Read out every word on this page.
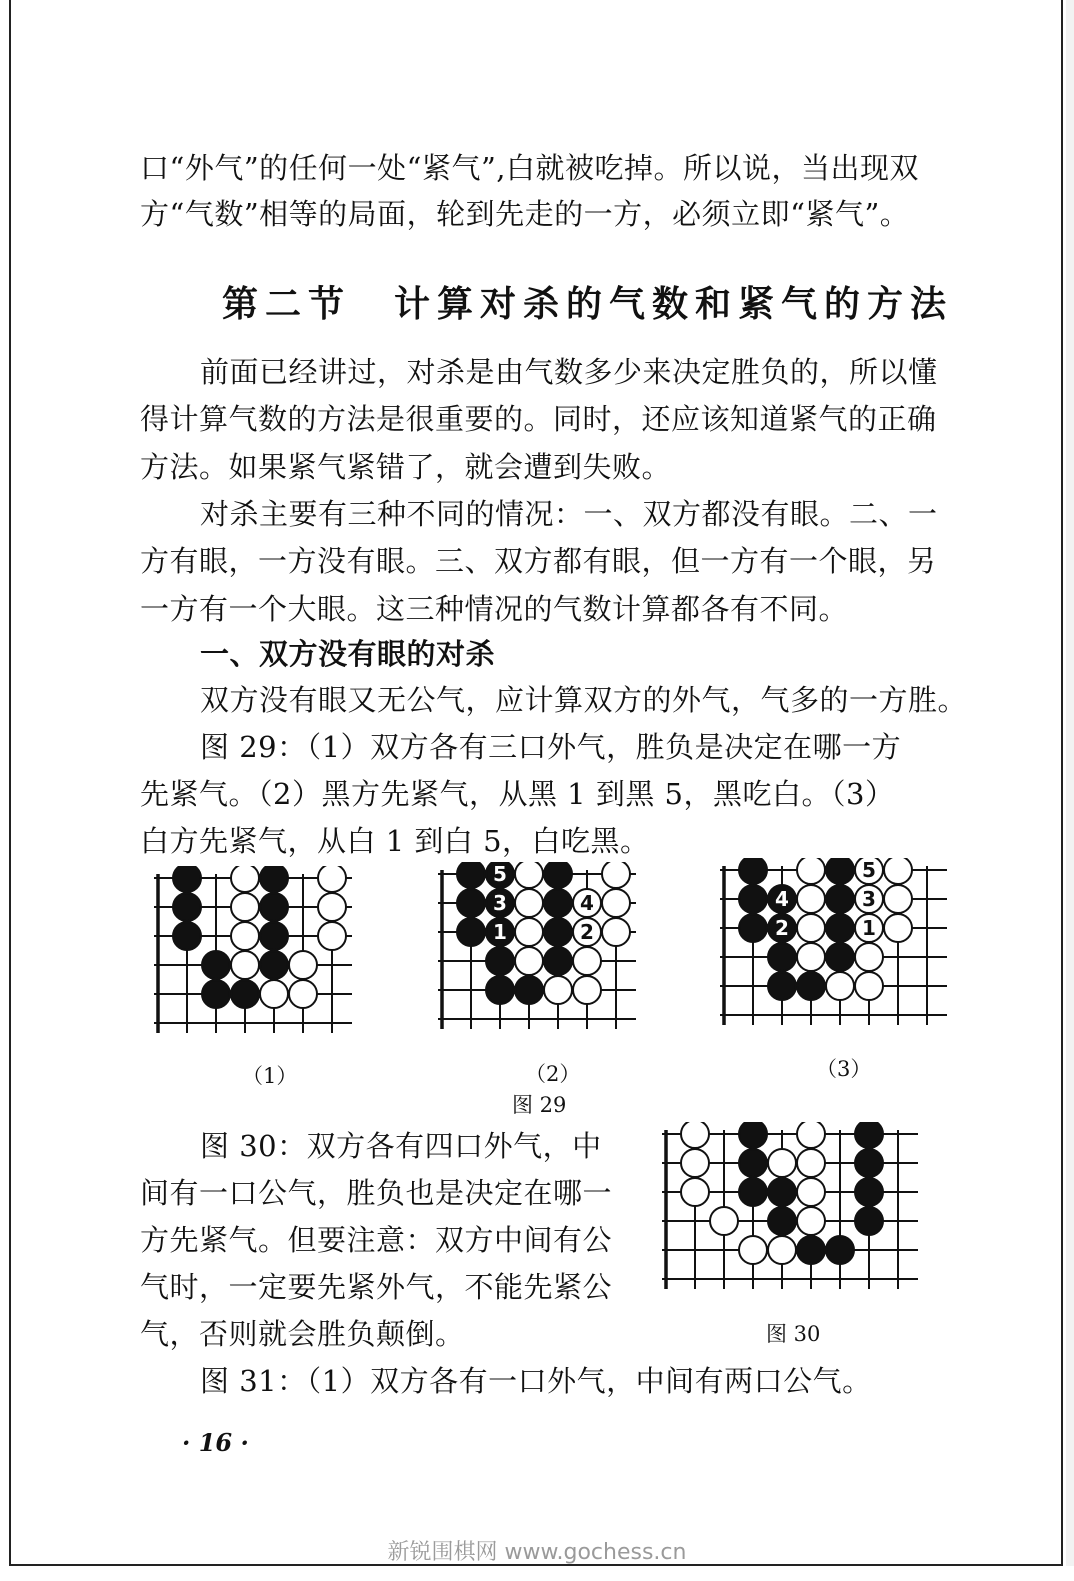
口“外气”的任何一处“紧气”,白就被吃掉。所以说，当出现双
方“气数”相等的局面，轮到先走的一方，必须立即“紧气”。
第二节　计算对杀的气数和紧气的方法
前面已经讲过，对杀是由气数多少来决定胜负的，所以懂
得计算气数的方法是很重要的。同时，还应该知道紧气的正确
方法。如果紧气紧错了，就会遭到失败。
对杀主要有三种不同的情况：一、双方都没有眼。二、一
方有眼，一方没有眼。三、双方都有眼，但一方有一个眼，另
一方有一个大眼。这三种情况的气数计算都各有不同。
一、双方没有眼的对杀
双方没有眼又无公气，应计算双方的外气，气多的一方胜。
图 29：（1）双方各有三口外气，胜负是决定在哪一方
先紧气。（2）黑方先紧气，从黑 1 到黑 5，黑吃白。（3）
白方先紧气，从白 1 到白 5，白吃黑。
5
3	4
1	2
5
4	3
2	1
（1）	（2）	（3）
图 29
图 30：双方各有四口外气，中
间有一口公气，胜负也是决定在哪一
方先紧气。但要注意：双方中间有公
气时，一定要先紧外气，不能先紧公
气，否则就会胜负颠倒。	图 30
图 31：（1）双方各有一口外气，中间有两口公气。
· 16 ·
新锐围棋网 www.gochess.cn
